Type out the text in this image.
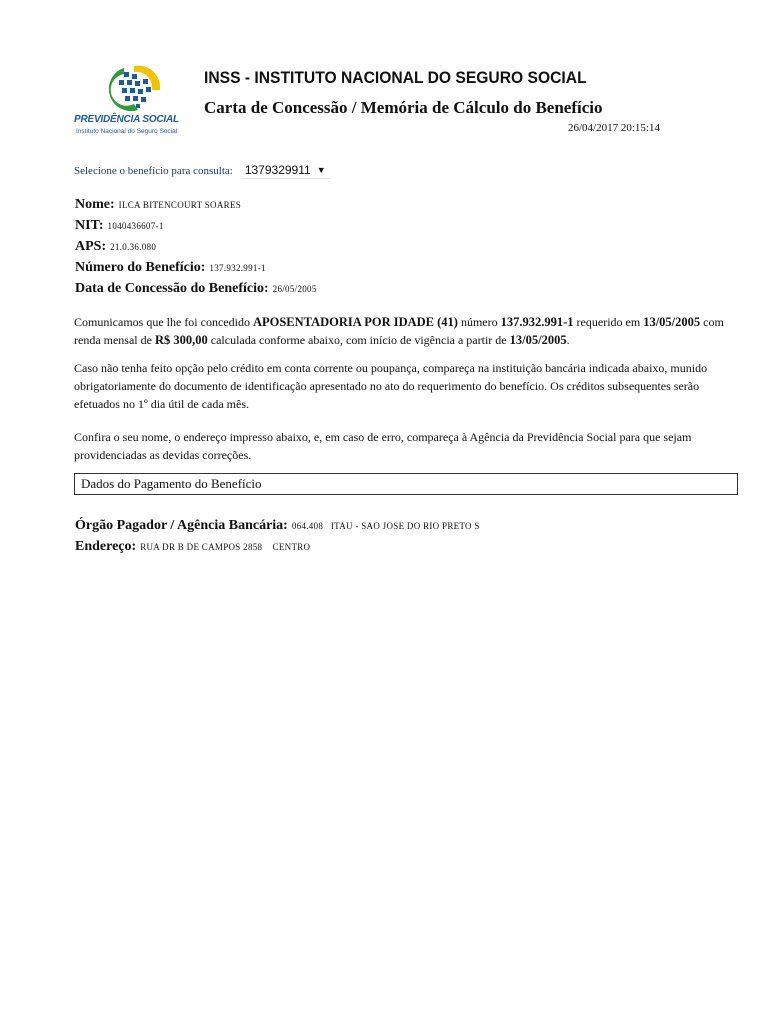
PREVIDÊNCIA SOCIAL
Instituto Nacional do Seguro Social
INSS - INSTITUTO NACIONAL DO SEGURO SOCIAL
Carta de Concessão / Memória de Cálculo do Benefício
26/04/2017 20:15:14
Selecione o benefício para consulta: 1379329911 ▼
Nome: ILCA BITENCOURT SOARES
NIT: 1040436607-1
APS: 21.0.36.080
Número do Benefício: 137.932.991-1
Data de Concessão do Benefício: 26/05/2005
Comunicamos que lhe foi concedido APOSENTADORIA POR IDADE (41) número 137.932.991-1 requerido em 13/05/2005 com renda mensal de R$ 300,00 calculada conforme abaixo, com início de vigência a partir de 13/05/2005.
Caso não tenha feito opção pelo crédito em conta corrente ou poupança, compareça na instituição bancária indicada abaixo, munido obrigatoriamente do documento de identificação apresentado no ato do requerimento do benefício. Os créditos subsequentes serão efetuados no 1º dia útil de cada mês.
Confira o seu nome, o endereço impresso abaixo, e, em caso de erro, compareça à Agência da Previdência Social para que sejam providenciadas as devidas correções.
Dados do Pagamento do Benefício
Órgão Pagador / Agência Bancária: 064.408   ITAU - SAO JOSE DO RIO PRETO S
Endereço: RUA DR B DE CAMPOS 2858    CENTRO
